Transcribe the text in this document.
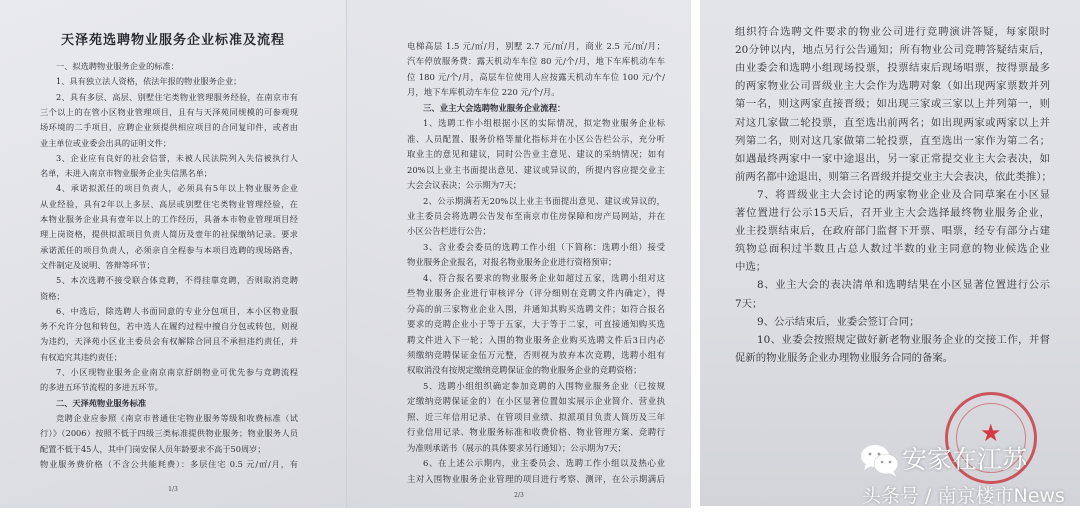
天泽苑选聘物业服务企业标准及流程
一、拟选聘物业服务企业的标准：
1、具有独立法人资格，依法年报的物业服务企业；
2、具有多层、高层、别墅住宅类物业管理服务经验，在南京市有
三个以上的在管小区物业管理项目，且有与天泽苑同规模的可参观现
场环境的二手项目，应聘企业须提供相应项目的合同复印件，或者由
业主单位或业委会出具的证明文件；
3、企业应有良好的社会信誉，未被人民法院列入失信被执行人
名单，未进入南京市物业服务企业失信黑名单；
4、承诺拟派任的项目负责人，必须具有5年以上物业服务企业
从业经验，具有2年以上多层、高层或别墅住宅类物业管理经验，在
本物业服务企业具有壹年以上的工作经历，具备本市物业管理项目经
理上岗资格，提供拟派项目负责人简历及壹年的社保缴纳记录。要求
承诺派任的项目负责人，必须亲自全程参与本项目选聘的现场路香，
文件制定及说明、答辩等环节；
5、本次选聘不接受联合体竞聘，不得挂靠竞聘，否则取消竞聘
资格；
6、中选后，除选聘人书面同意的专业分包项目，本小区物业服
务不允许分包和转包，若中选人在履约过程中擅自分包或转包，则视
为违约，天泽苑小区业主委员会有权解除合同且不承担违约责任，并
有权追究其违约责任；
7、小区现物业服务企业南京南京舒朗物业可优先参与竞聘流程
的多进五环节流程的多进五环节。
二、天泽苑物业服务标准
竞聘企业应参照《南京市普通住宅物业服务等级和收费标准（试
行）》（2006）按照不低于四级三类标准提供物业服务；物业服务人员
配置不低于45人，其中门岗安保人员年龄要求不高于50周岁；
物业服务费价格（不含公共能耗费）：多层住宅 0.5 元/㎡/月，有
1/3
电梯高层 1.5 元/㎡/月，别墅 2.7 元/㎡/月，商业 2.5 元/㎡/月；
汽车停放服务费：露天机动车车位 80 元/个/月，地下车库机动车车
位 180 元/个/月，高层车位使用人应按露天机动车车位 100 元/个/
月，地下车库机动车车位 220 元/个/月。
三、业主大会选聘物业服务企业流程：
1、选聘工作小组根据小区的实际情况，拟定物业服务企业标
准、人员配置、服务价格等量化指标并在小区公告栏公示，充分听
取业主的意见和建议，同时公告业主意见、建议的采纳情况；如有
20%以上业主书面提出意见、建议或异议的，所提内容应提交业主
大会会议表决；公示期为7天；
2、公示期满若无20%以上业主书面提出意见、建议或异议的，
业主委员会将选聘公告发布至南京市住房保障和房产局网站，并在
小区公告栏进行公告；
3、含业委会委员的选聘工作小组（下简称：选聘小组）接受
物业服务企业报名，对报名物业服务企业进行资格预审；
4、符合报名要求的物业服务企业如超过五家，选聘小组对这
些物业服务企业进行审核评分（评分细则在竞聘文件内确定），得
分高的前三家物业企业入围，并通知其购买选聘文件；如符合报名
要求的竞聘企业小于等于五家，大于等于二家，可直接通知购买选
聘文件进入下一轮；入围的物业服务企业购买选聘文件后3日内必
须缴纳竞聘保证金伍万元整，否则视为放弃本次竞聘，选聘小组有
权取消没有按规定缴纳竞聘保证金的物业服务企业的竞聘资格；
5、选聘小组组织确定参加竞聘的入围物业服务企业（已按规
定缴纳竞聘保证金的）在小区显著位置如实展示企业简介、营业执
照、近三年信用记录、在管项目业绩、拟派项目负责人简历及三年
行业信用记录、物业服务标准和收费价格、物业管理方案、竞聘行
为准则承诺书（展示的具体要求另行通知）；公示期为7天；
6、在上述公示期内，业主委员会、选聘工作小组以及热心业
主对入围物业服务企业管理的项目进行考察、测评，在公示期满后
2/3
组织符合选聘文件要求的物业公司进行竞聘演讲答疑，每家限时
20分钟以内，地点另行公告通知；所有物业公司竞聘答疑结束后，
由业委会和选聘小组现场投票，投票结束后现场唱票，按得票最多
的两家物业公司晋级业主大会作为选聘对象（如出现两家票数并列
第一名，则这两家直接晋级；如出现三家或三家以上并列第一，则
对这几家做二轮投票，直至选出前两名；如出现两家或两家以上并
列第二名，则对这几家做第二轮投票，直至选出一家作为第二名；
如遇最终两家中一家中途退出，另一家正常提交业主大会表决，如
前两名都中途退出，则第三名晋级并提交业主大会表决，依此类推）；
7、将晋级业主大会讨论的两家物业企业及合同草案在小区显
著位置进行公示15天后，召开业主大会选择最终物业服务企业，
业主投票结束后，在政府部门监督下开票、唱票，经专有部分占建
筑物总面积过半数且占总人数过半数的业主同意的物业候选企业
中选；
8、业主大会的表决清单和选聘结果在小区显著位置进行公示
7天；
9、公示结束后，业委会签订合同；
10、业委会按照规定做好新老物业服务企业的交接工作，并督
促新的物业服务企业办理物业服务合同的备案。
★
安家在江苏
头条号 / 南京楼市News
